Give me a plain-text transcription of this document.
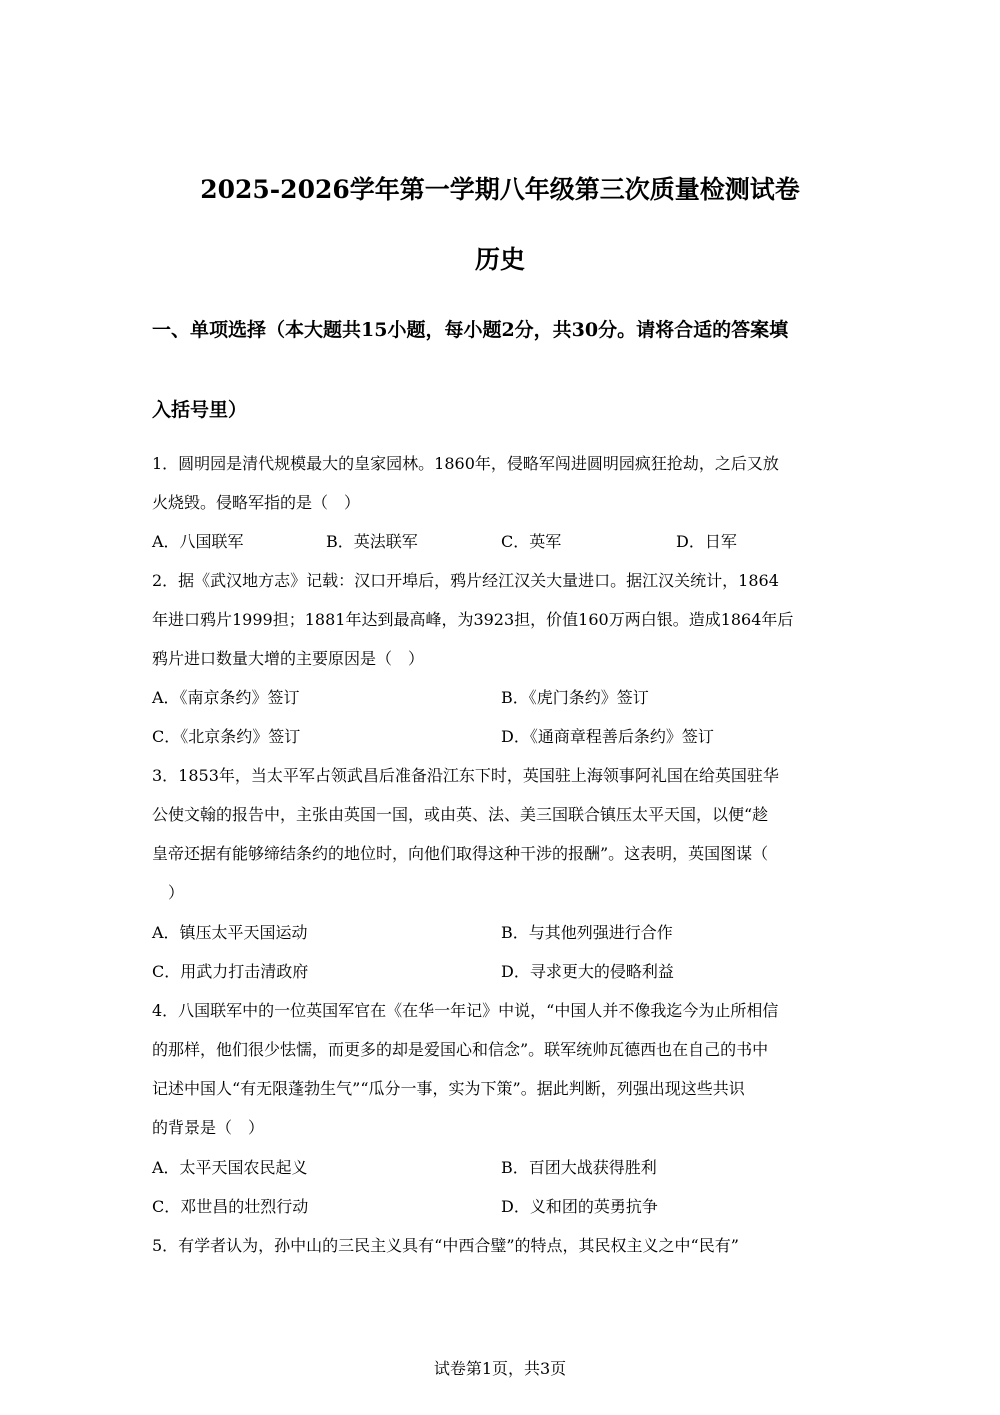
2025-2026学年第一学期八年级第三次质量检测试卷
历史
一、单项选择（本大题共15小题，每小题2分，共30分。请将合适的答案填
入括号里）
1．圆明园是清代规模最大的皇家园林。1860年，侵略军闯进圆明园疯狂抢劫，之后又放
火烧毁。侵略军指的是（　）
A．八国联军	B．英法联军	C．英军	D．日军
2．据《武汉地方志》记载：汉口开埠后，鸦片经江汉关大量进口。据江汉关统计，1864
年进口鸦片1999担；1881年达到最高峰，为3923担，价值160万两白银。造成1864年后
鸦片进口数量大增的主要原因是（　）
A．《南京条约》签订	B．《虎门条约》签订
C．《北京条约》签订	D．《通商章程善后条约》签订
3．1853年，当太平军占领武昌后准备沿江东下时，英国驻上海领事阿礼国在给英国驻华
公使文翰的报告中，主张由英国一国，或由英、法、美三国联合镇压太平天国，以便“趁
皇帝还据有能够缔结条约的地位时，向他们取得这种干涉的报酬”。这表明，英国图谋（
　）
A．镇压太平天国运动	B．与其他列强进行合作
C．用武力打击清政府	D．寻求更大的侵略利益
4．八国联军中的一位英国军官在《在华一年记》中说，“中国人并不像我迄今为止所相信
的那样，他们很少怯懦，而更多的却是爱国心和信念”。联军统帅瓦德西也在自己的书中
记述中国人“有无限蓬勃生气”“瓜分一事，实为下策”。据此判断，列强出现这些共识
的背景是（　）
A．太平天国农民起义	B．百团大战获得胜利
C．邓世昌的壮烈行动	D．义和团的英勇抗争
5．有学者认为，孙中山的三民主义具有“中西合璧”的特点，其民权主义之中“民有”
试卷第1页，共3页
